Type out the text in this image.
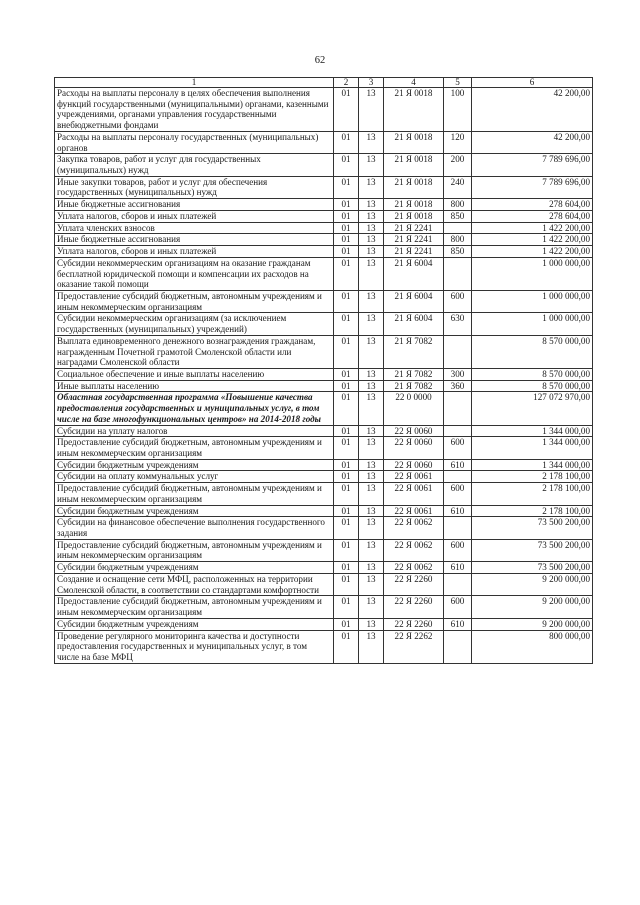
62
1	2	3	4	5	6
Расходы на выплаты персоналу в целях обеспечения выполнения функций государственными (муниципальными) органами, казенными учреждениями, органами управления государственными внебюджетными фондами	01	13	21 Я 0018	100	42 200,00
Расходы на выплаты персоналу государственных (муниципальных) органов	01	13	21 Я 0018	120	42 200,00
Закупка товаров, работ и услуг для государственных (муниципальных) нужд	01	13	21 Я 0018	200	7 789 696,00
Иные закупки товаров, работ и услуг для обеспечения государственных (муниципальных) нужд	01	13	21 Я 0018	240	7 789 696,00
Иные бюджетные ассигнования	01	13	21 Я 0018	800	278 604,00
Уплата налогов, сборов и иных платежей	01	13	21 Я 0018	850	278 604,00
Уплата членских взносов	01	13	21 Я 2241		1 422 200,00
Иные бюджетные ассигнования	01	13	21 Я 2241	800	1 422 200,00
Уплата налогов, сборов и иных платежей	01	13	21 Я 2241	850	1 422 200,00
Субсидии некоммерческим организациям на оказание гражданам бесплатной юридической помощи и компенсации их расходов на оказание такой помощи	01	13	21 Я 6004		1 000 000,00
Предоставление субсидий бюджетным, автономным учреждениям и иным некоммерческим организациям	01	13	21 Я 6004	600	1 000 000,00
Субсидии некоммерческим организациям (за исключением государственных (муниципальных) учреждений)	01	13	21 Я 6004	630	1 000 000,00
Выплата единовременного денежного вознаграждения гражданам, награжденным Почетной грамотой Смоленской области или наградами Смоленской области	01	13	21 Я 7082		8 570 000,00
Социальное обеспечение и иные выплаты населению	01	13	21 Я 7082	300	8 570 000,00
Иные выплаты населению	01	13	21 Я 7082	360	8 570 000,00
Областная государственная программа «Повышение качества предоставления государственных и муниципальных услуг, в том числе на базе многофункциональных центров» на 2014-2018 годы	01	13	22 0 0000		127 072 970,00
Субсидии на уплату налогов	01	13	22 Я 0060		1 344 000,00
Предоставление субсидий бюджетным, автономным учреждениям и иным некоммерческим организациям	01	13	22 Я 0060	600	1 344 000,00
Субсидии бюджетным учреждениям	01	13	22 Я 0060	610	1 344 000,00
Субсидии на оплату коммунальных услуг	01	13	22 Я 0061		2 178 100,00
Предоставление субсидий бюджетным, автономным учреждениям и иным некоммерческим организациям	01	13	22 Я 0061	600	2 178 100,00
Субсидии бюджетным учреждениям	01	13	22 Я 0061	610	2 178 100,00
Субсидии на финансовое обеспечение выполнения государственного задания	01	13	22 Я 0062		73 500 200,00
Предоставление субсидий бюджетным, автономным учреждениям и иным некоммерческим организациям	01	13	22 Я 0062	600	73 500 200,00
Субсидии бюджетным учреждениям	01	13	22 Я 0062	610	73 500 200,00
Создание и оснащение сети МФЦ, расположенных на территории Смоленской области, в соответствии со стандартами комфортности	01	13	22 Я 2260		9 200 000,00
Предоставление субсидий бюджетным, автономным учреждениям и иным некоммерческим организациям	01	13	22 Я 2260	600	9 200 000,00
Субсидии бюджетным учреждениям	01	13	22 Я 2260	610	9 200 000,00
Проведение регулярного мониторинга качества и доступности предоставления государственных и муниципальных услуг, в том числе на базе МФЦ	01	13	22 Я 2262		800 000,00
